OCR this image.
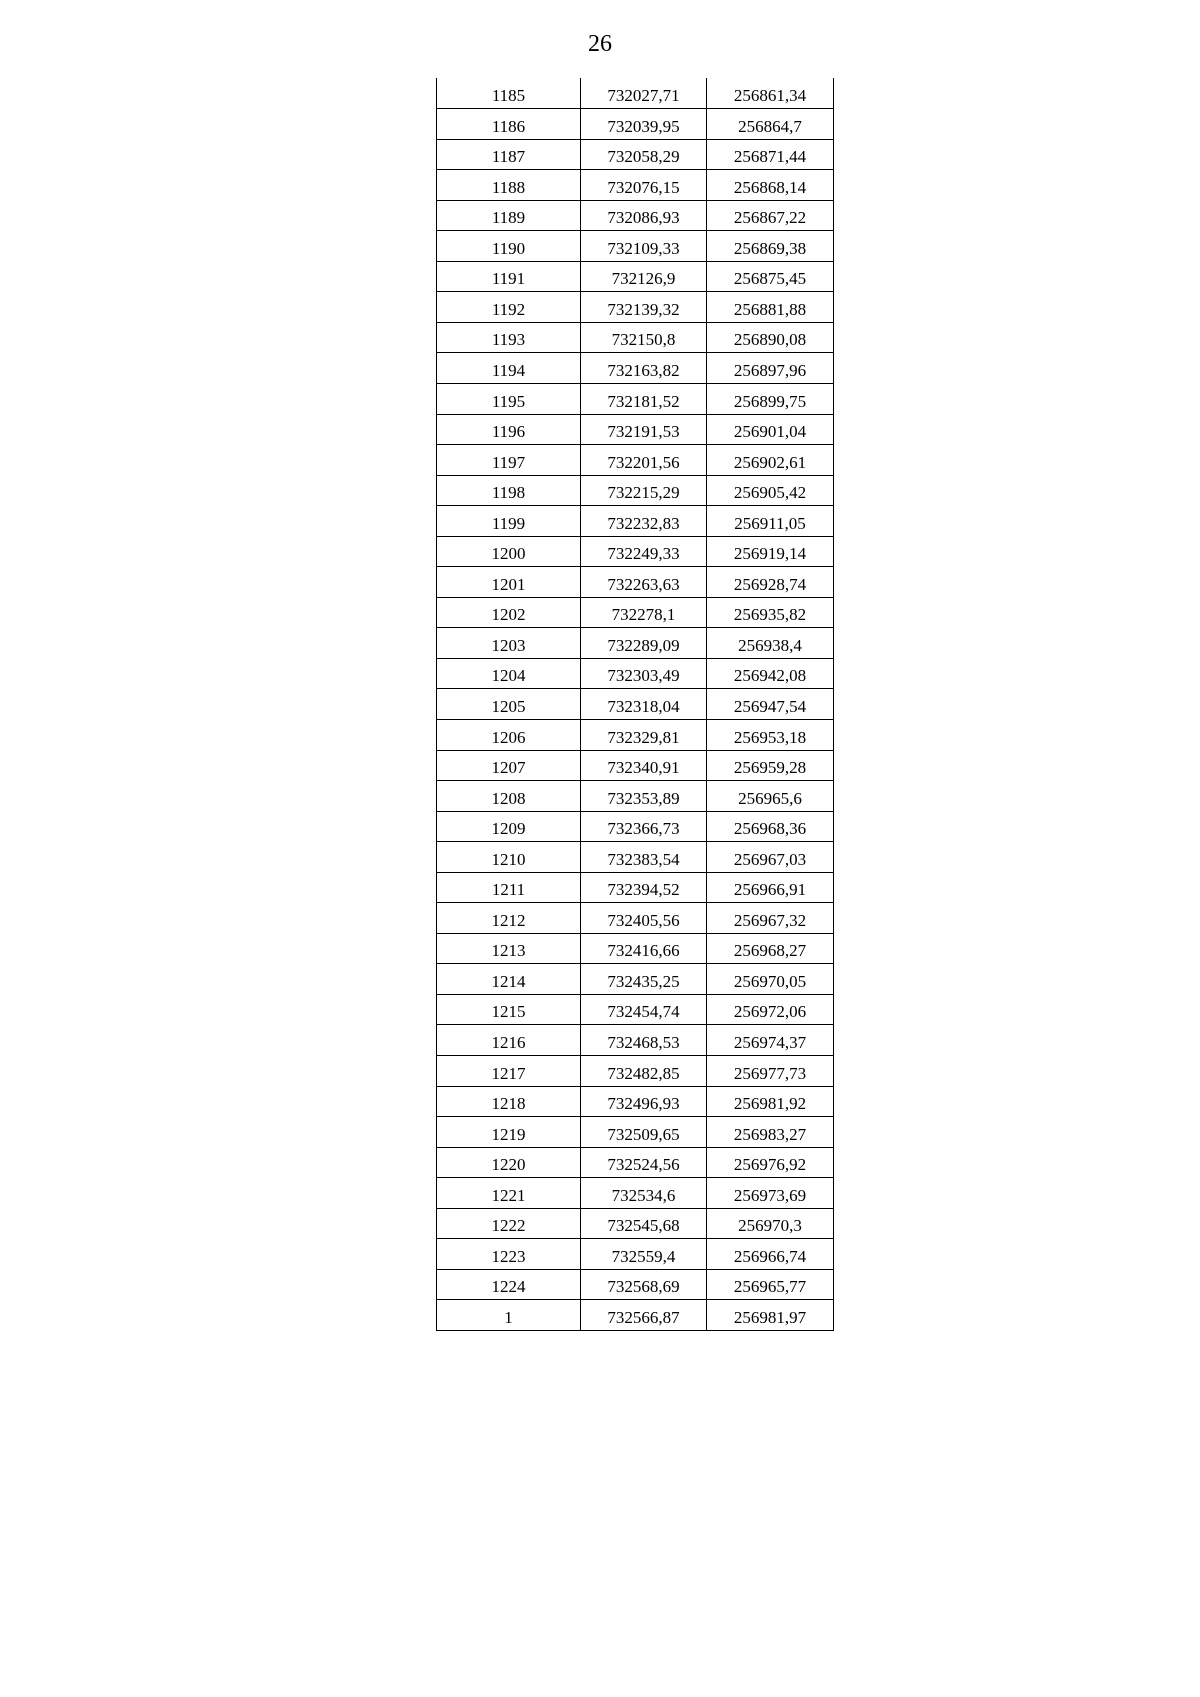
26
1185	732027,71	256861,34
1186	732039,95	256864,7
1187	732058,29	256871,44
1188	732076,15	256868,14
1189	732086,93	256867,22
1190	732109,33	256869,38
1191	732126,9	256875,45
1192	732139,32	256881,88
1193	732150,8	256890,08
1194	732163,82	256897,96
1195	732181,52	256899,75
1196	732191,53	256901,04
1197	732201,56	256902,61
1198	732215,29	256905,42
1199	732232,83	256911,05
1200	732249,33	256919,14
1201	732263,63	256928,74
1202	732278,1	256935,82
1203	732289,09	256938,4
1204	732303,49	256942,08
1205	732318,04	256947,54
1206	732329,81	256953,18
1207	732340,91	256959,28
1208	732353,89	256965,6
1209	732366,73	256968,36
1210	732383,54	256967,03
1211	732394,52	256966,91
1212	732405,56	256967,32
1213	732416,66	256968,27
1214	732435,25	256970,05
1215	732454,74	256972,06
1216	732468,53	256974,37
1217	732482,85	256977,73
1218	732496,93	256981,92
1219	732509,65	256983,27
1220	732524,56	256976,92
1221	732534,6	256973,69
1222	732545,68	256970,3
1223	732559,4	256966,74
1224	732568,69	256965,77
1	732566,87	256981,97
